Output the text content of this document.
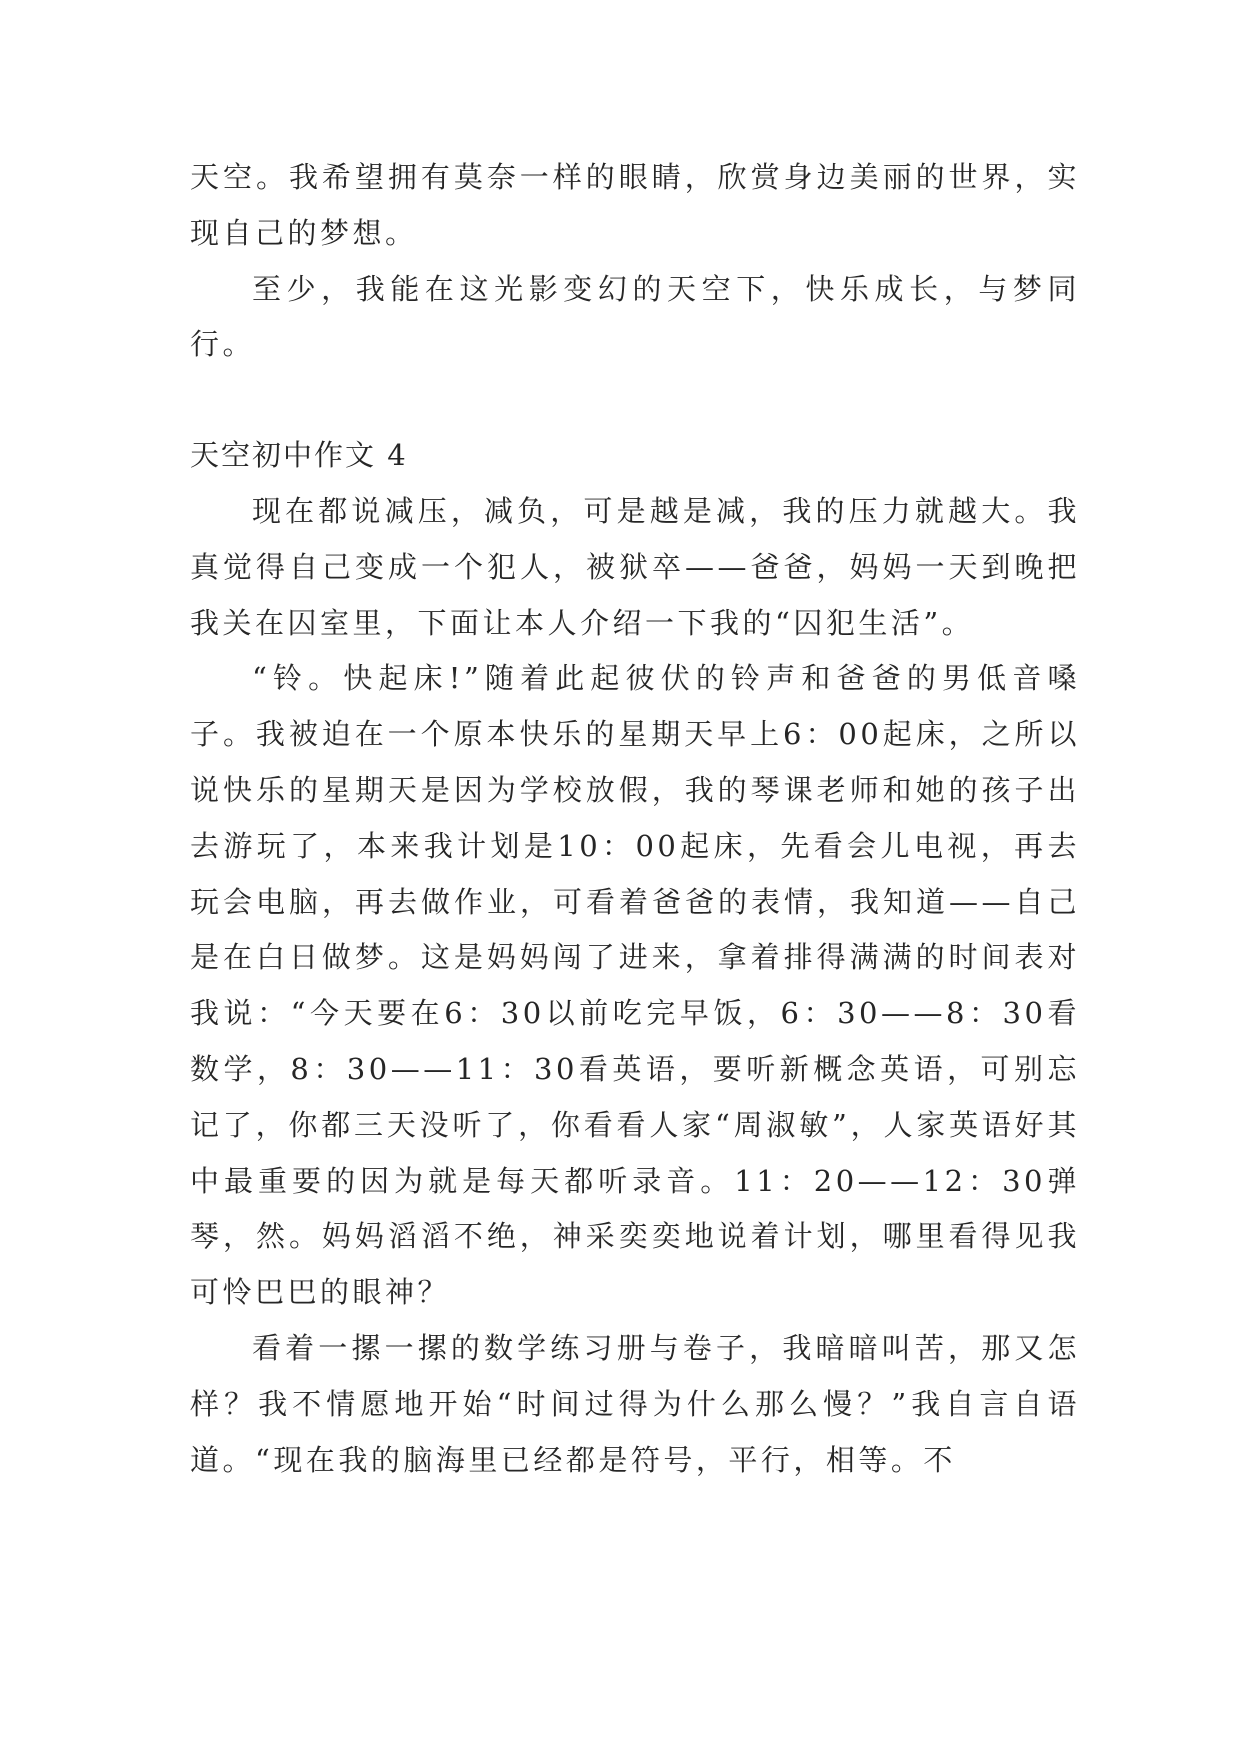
天空。我希望拥有莫奈一样的眼睛，欣赏身边美丽的世界，实现自己的梦想。

至少，我能在这光影变幻的天空下，快乐成长，与梦同行。

天空初中作文 4

现在都说减压，减负，可是越是减，我的压力就越大。我真觉得自己变成一个犯人，被狱卒——爸爸，妈妈一天到晚把我关在囚室里，下面让本人介绍一下我的“囚犯生活”。

“铃。快起床!”随着此起彼伏的铃声和爸爸的男低音嗓子。我被迫在一个原本快乐的星期天早上6：00起床，之所以说快乐的星期天是因为学校放假，我的琴课老师和她的孩子出去游玩了，本来我计划是10：00起床，先看会儿电视，再去玩会电脑，再去做作业，可看着爸爸的表情，我知道——自己是在白日做梦。这是妈妈闯了进来，拿着排得满满的时间表对我说：“今天要在6：30以前吃完早饭，6：30——8：30看数学，8：30——11：30看英语，要听新概念英语，可别忘记了，你都三天没听了，你看看人家“周淑敏”，人家英语好其中最重要的因为就是每天都听录音。11：20——12：30弹琴，然。妈妈滔滔不绝，神采奕奕地说着计划，哪里看得见我可怜巴巴的眼神？

看着一摞一摞的数学练习册与卷子，我暗暗叫苦，那又怎样？我不情愿地开始“时间过得为什么那么慢？”我自言自语道。“现在我的脑海里已经都是符号，平行，相等。不
